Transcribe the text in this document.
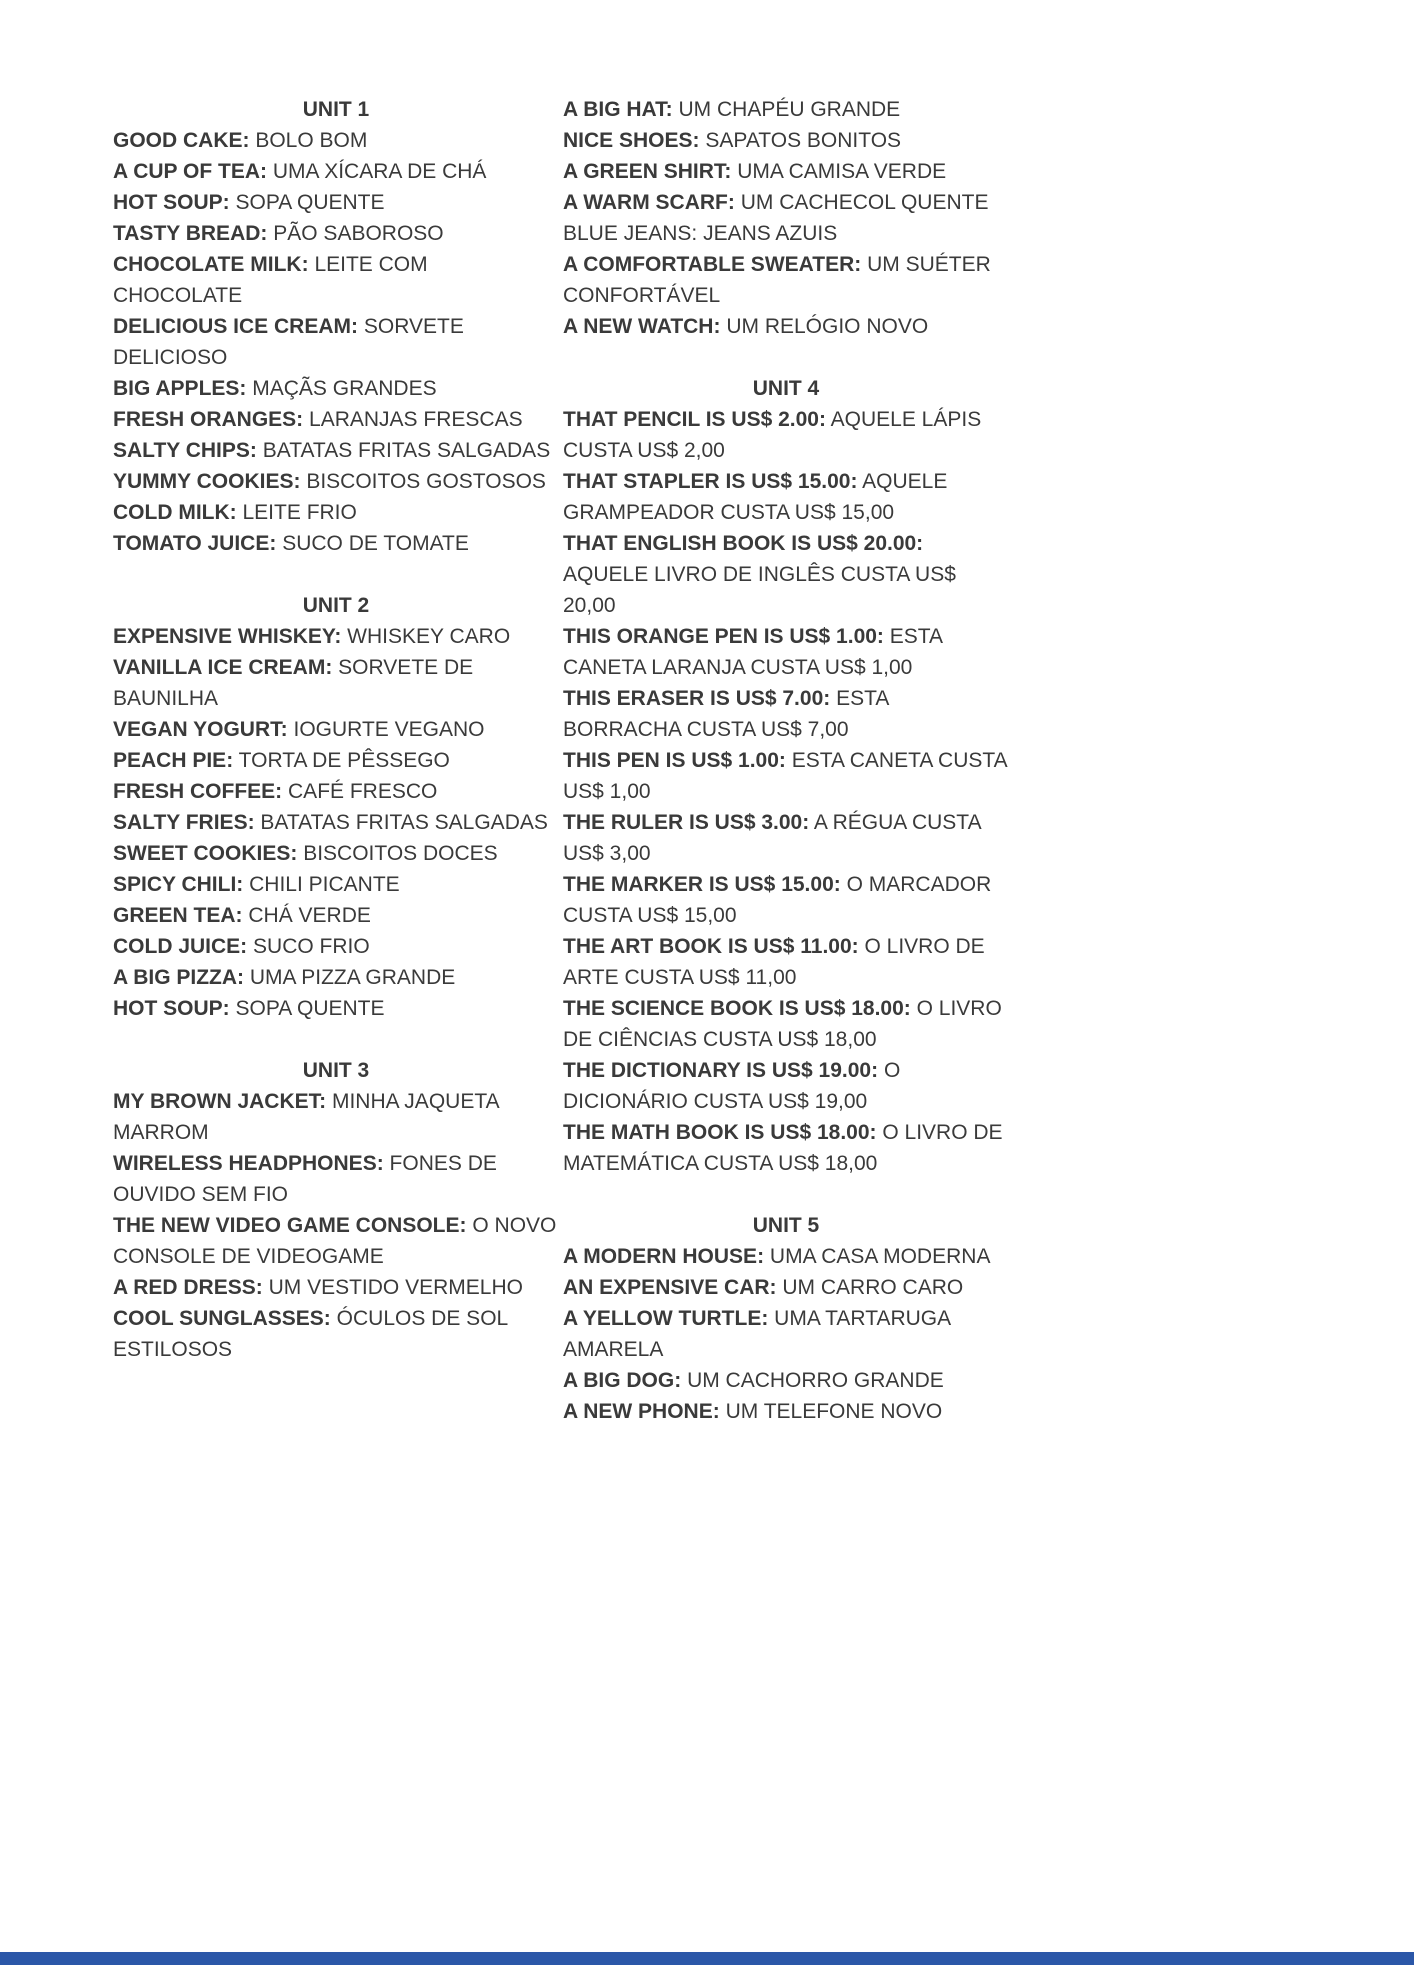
UNIT 1

GOOD CAKE: BOLO BOM

A CUP OF TEA: UMA XÍCARA DE CHÁ

HOT SOUP: SOPA QUENTE

TASTY BREAD: PÃO SABOROSO

CHOCOLATE MILK: LEITE COM CHOCOLATE

DELICIOUS ICE CREAM: SORVETE DELICIOSO

BIG APPLES: MAÇÃS GRANDES

FRESH ORANGES: LARANJAS FRESCAS

SALTY CHIPS: BATATAS FRITAS SALGADAS

YUMMY COOKIES: BISCOITOS GOSTOSOS

COLD MILK: LEITE FRIO

TOMATO JUICE: SUCO DE TOMATE

UNIT 2

EXPENSIVE WHISKEY: WHISKEY CARO

VANILLA ICE CREAM: SORVETE DE BAUNILHA

VEGAN YOGURT: IOGURTE VEGANO

PEACH PIE: TORTA DE PÊSSEGO

FRESH COFFEE: CAFÉ FRESCO

SALTY FRIES: BATATAS FRITAS SALGADAS

SWEET COOKIES: BISCOITOS DOCES

SPICY CHILI: CHILI PICANTE

GREEN TEA: CHÁ VERDE

COLD JUICE: SUCO FRIO

A BIG PIZZA: UMA PIZZA GRANDE

HOT SOUP: SOPA QUENTE

UNIT 3

MY BROWN JACKET: MINHA JAQUETA MARROM

WIRELESS HEADPHONES: FONES DE OUVIDO SEM FIO

THE NEW VIDEO GAME CONSOLE: O NOVO CONSOLE DE VIDEOGAME

A RED DRESS: UM VESTIDO VERMELHO

COOL SUNGLASSES: ÓCULOS DE SOL ESTILOSOS

A BIG HAT: UM CHAPÉU GRANDE

NICE SHOES: SAPATOS BONITOS

A GREEN SHIRT: UMA CAMISA VERDE

A WARM SCARF: UM CACHECOL QUENTE

BLUE JEANS: JEANS AZUIS

A COMFORTABLE SWEATER: UM SUÉTER CONFORTÁVEL

A NEW WATCH: UM RELÓGIO NOVO

UNIT 4

THAT PENCIL IS US$ 2.00: AQUELE LÁPIS CUSTA US$ 2,00

THAT STAPLER IS US$ 15.00: AQUELE GRAMPEADOR CUSTA US$ 15,00

THAT ENGLISH BOOK IS US$ 20.00: AQUELE LIVRO DE INGLÊS CUSTA US$ 20,00

THIS ORANGE PEN IS US$ 1.00: ESTA CANETA LARANJA CUSTA US$ 1,00

THIS ERASER IS US$ 7.00: ESTA BORRACHA CUSTA US$ 7,00

THIS PEN IS US$ 1.00: ESTA CANETA CUSTA US$ 1,00

THE RULER IS US$ 3.00: A RÉGUA CUSTA US$ 3,00

THE MARKER IS US$ 15.00: O MARCADOR CUSTA US$ 15,00

THE ART BOOK IS US$ 11.00: O LIVRO DE ARTE CUSTA US$ 11,00

THE SCIENCE BOOK IS US$ 18.00: O LIVRO DE CIÊNCIAS CUSTA US$ 18,00

THE DICTIONARY IS US$ 19.00: O DICIONÁRIO CUSTA US$ 19,00

THE MATH BOOK IS US$ 18.00: O LIVRO DE MATEMÁTICA CUSTA US$ 18,00

UNIT 5

A MODERN HOUSE: UMA CASA MODERNA

AN EXPENSIVE CAR: UM CARRO CARO

A YELLOW TURTLE: UMA TARTARUGA AMARELA

A BIG DOG: UM CACHORRO GRANDE

A NEW PHONE: UM TELEFONE NOVO
